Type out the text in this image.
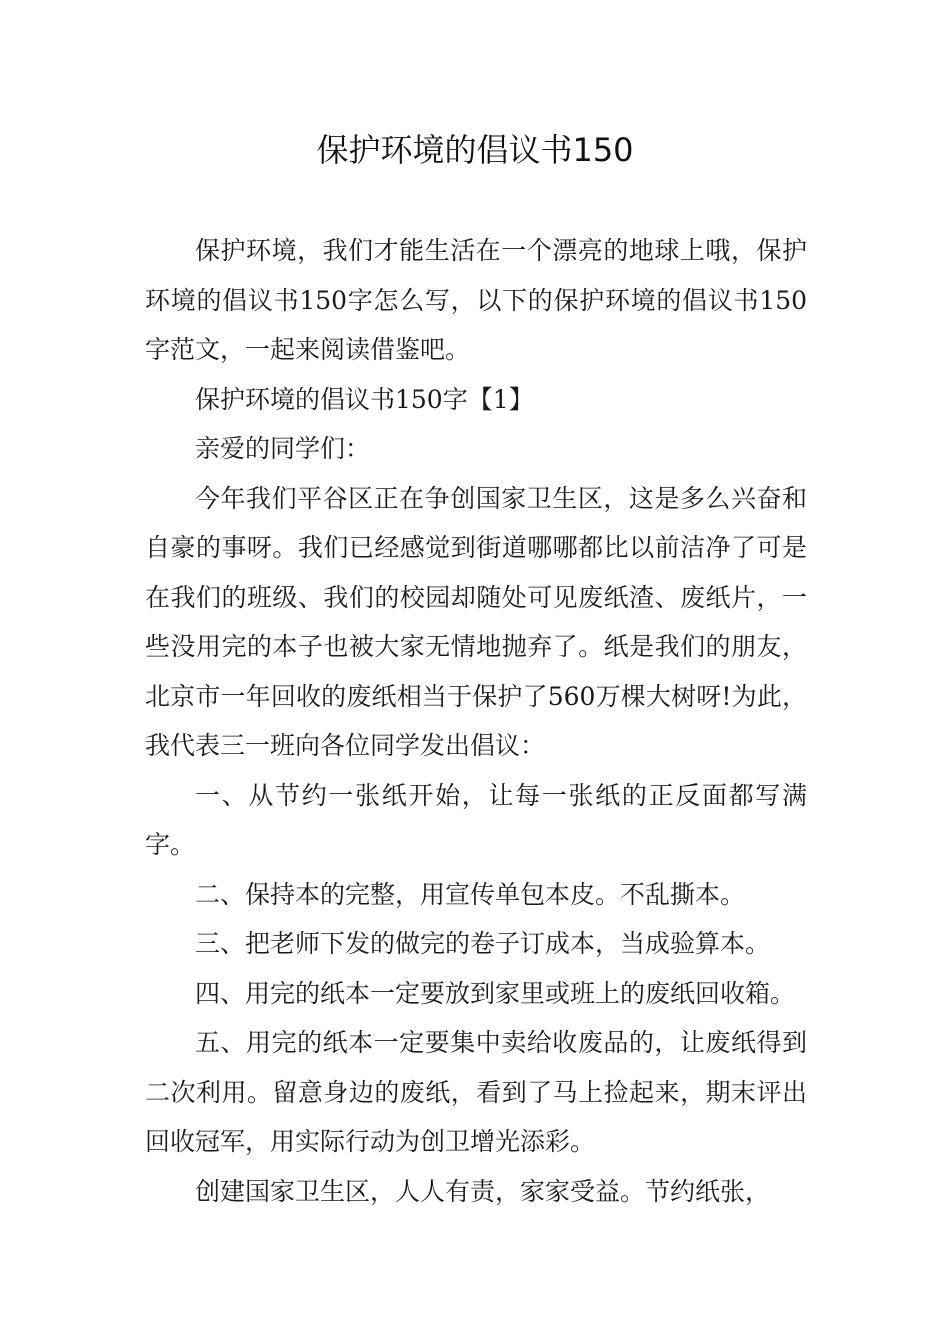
保护环境的倡议书150

保护环境，我们才能生活在一个漂亮的地球上哦，保护环境的倡议书150字怎么写，以下的保护环境的倡议书150字范文，一起来阅读借鉴吧。

保护环境的倡议书150字【1】

亲爱的同学们：

今年我们平谷区正在争创国家卫生区，这是多么兴奋和自豪的事呀。我们已经感觉到街道哪哪都比以前洁净了可是在我们的班级、我们的校园却随处可见废纸渣、废纸片，一些没用完的本子也被大家无情地抛弃了。纸是我们的朋友，北京市一年回收的废纸相当于保护了560万棵大树呀!为此，我代表三一班向各位同学发出倡议：

一、从节约一张纸开始，让每一张纸的正反面都写满字。

二、保持本的完整，用宣传单包本皮。不乱撕本。

三、把老师下发的做完的卷子订成本，当成验算本。

四、用完的纸本一定要放到家里或班上的废纸回收箱。

五、用完的纸本一定要集中卖给收废品的，让废纸得到二次利用。留意身边的废纸，看到了马上捡起来，期末评出回收冠军，用实际行动为创卫增光添彩。

创建国家卫生区，人人有责，家家受益。节约纸张，
